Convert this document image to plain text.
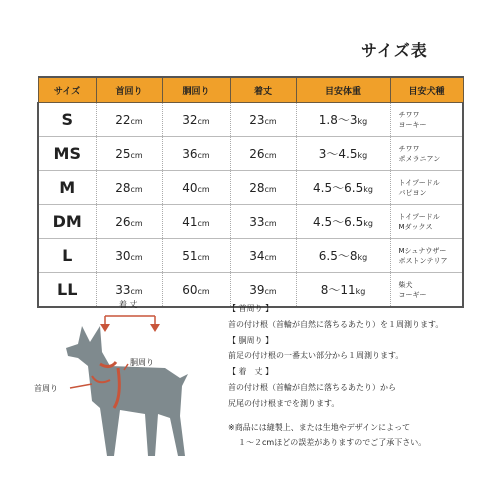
サイズ表
サイズ	首回り	胴回り	着丈	目安体重	目安犬種
S	22cm	32cm	23cm	1.8～3kg	チワワ
ヨーキー

MS	25cm	36cm	26cm	3～4.5kg	チワワ
ポメラニアン

M	28cm	40cm	28cm	4.5～6.5kg	トイプードル
パピヨン

DM	26cm	41cm	33cm	4.5～6.5kg	トイプードル
Mダックス

L	30cm	51cm	34cm	6.5～8kg	Mシュナウザー
ボストンテリア

LL	33cm	60cm	39cm	8～11kg	柴犬
コーギー
着 丈
胴周り
首周り
【 首周り 】
首の付け根（首輪が自然に落ちるあたり）を１周測ります。
【 胴周り 】
前足の付け根の一番太い部分から１周測ります。
【 着　丈 】
首の付け根（首輪が自然に落ちるあたり）から
尻尾の付け根までを測ります。
※商品には縫製上、または生地やデザインによって
１～２cmほどの誤差がありますのでご了承下さい。
